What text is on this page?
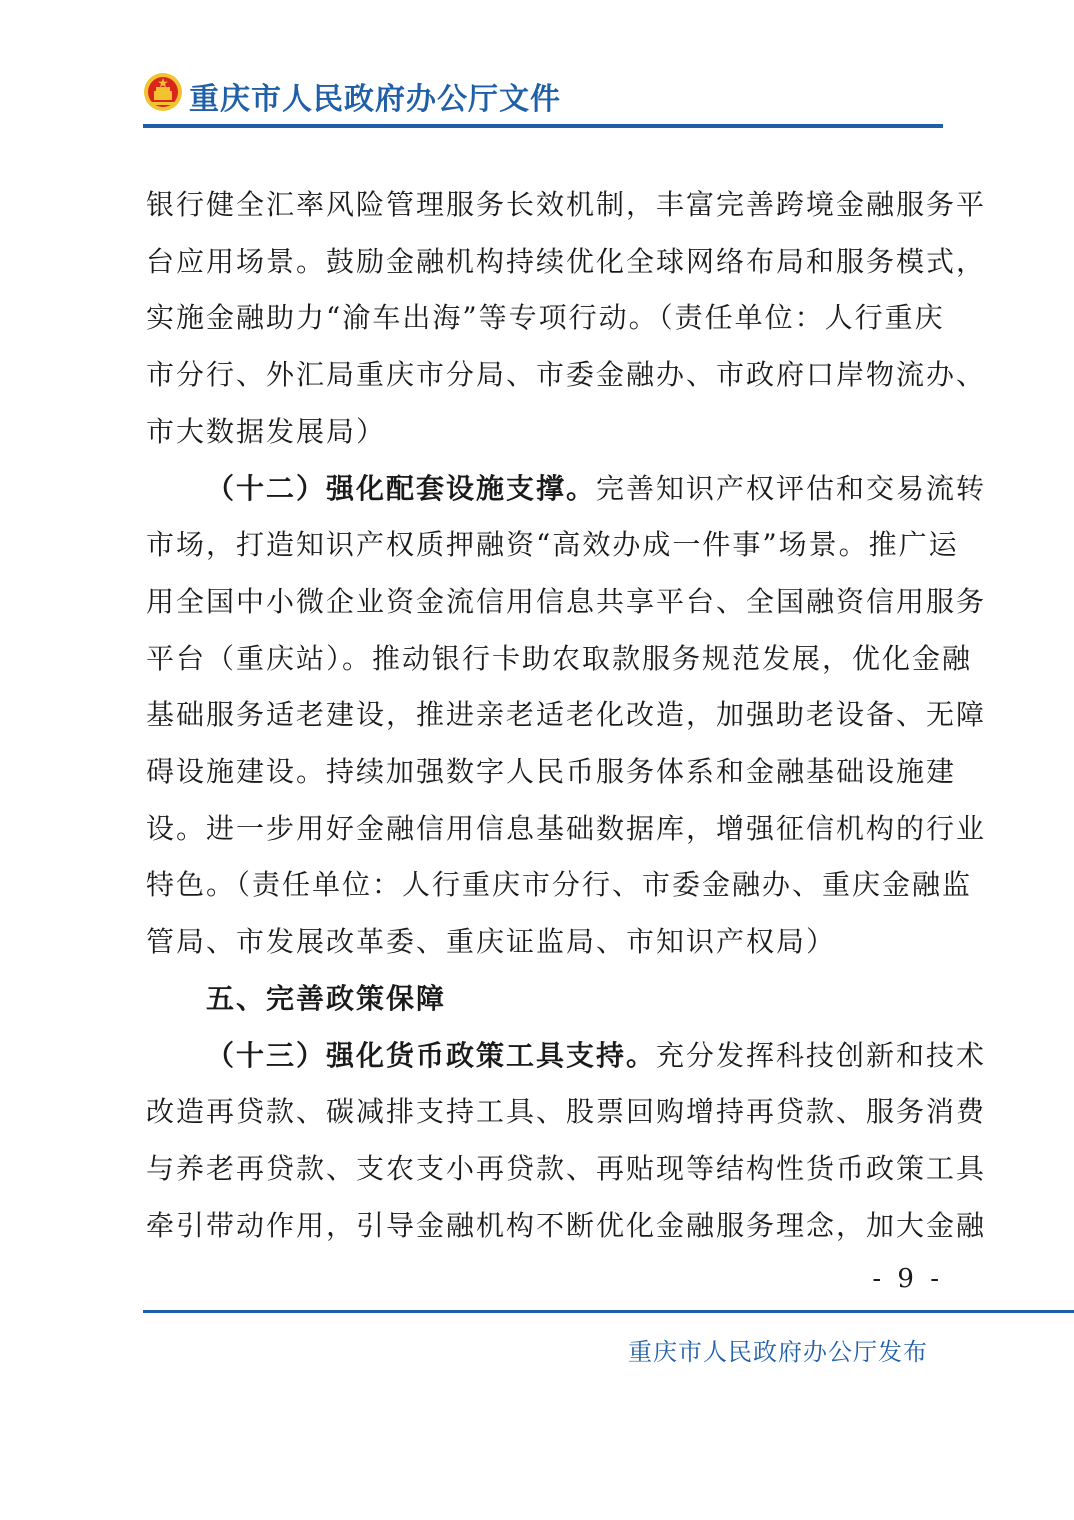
重庆市人民政府办公厅文件

银行健全汇率风险管理服务长效机制，丰富完善跨境金融服务平

台应用场景。鼓励金融机构持续优化全球网络布局和服务模式，

实施金融助力“渝车出海”等专项行动。（责任单位：人行重庆

市分行、外汇局重庆市分局、市委金融办、市政府口岸物流办、

市大数据发展局）

（十二）强化配套设施支撑。完善知识产权评估和交易流转

市场，打造知识产权质押融资“高效办成一件事”场景。推广运

用全国中小微企业资金流信用信息共享平台、全国融资信用服务

平台（重庆站）。推动银行卡助农取款服务规范发展，优化金融

基础服务适老建设，推进亲老适老化改造，加强助老设备、无障

碍设施建设。持续加强数字人民币服务体系和金融基础设施建

设。进一步用好金融信用信息基础数据库，增强征信机构的行业

特色。（责任单位：人行重庆市分行、市委金融办、重庆金融监

管局、市发展改革委、重庆证监局、市知识产权局）

五、完善政策保障

（十三）强化货币政策工具支持。充分发挥科技创新和技术

改造再贷款、碳减排支持工具、股票回购增持再贷款、服务消费

与养老再贷款、支农支小再贷款、再贴现等结构性货币政策工具

牵引带动作用，引导金融机构不断优化金融服务理念，加大金融

- 9 -
重庆市人民政府办公厅发布
